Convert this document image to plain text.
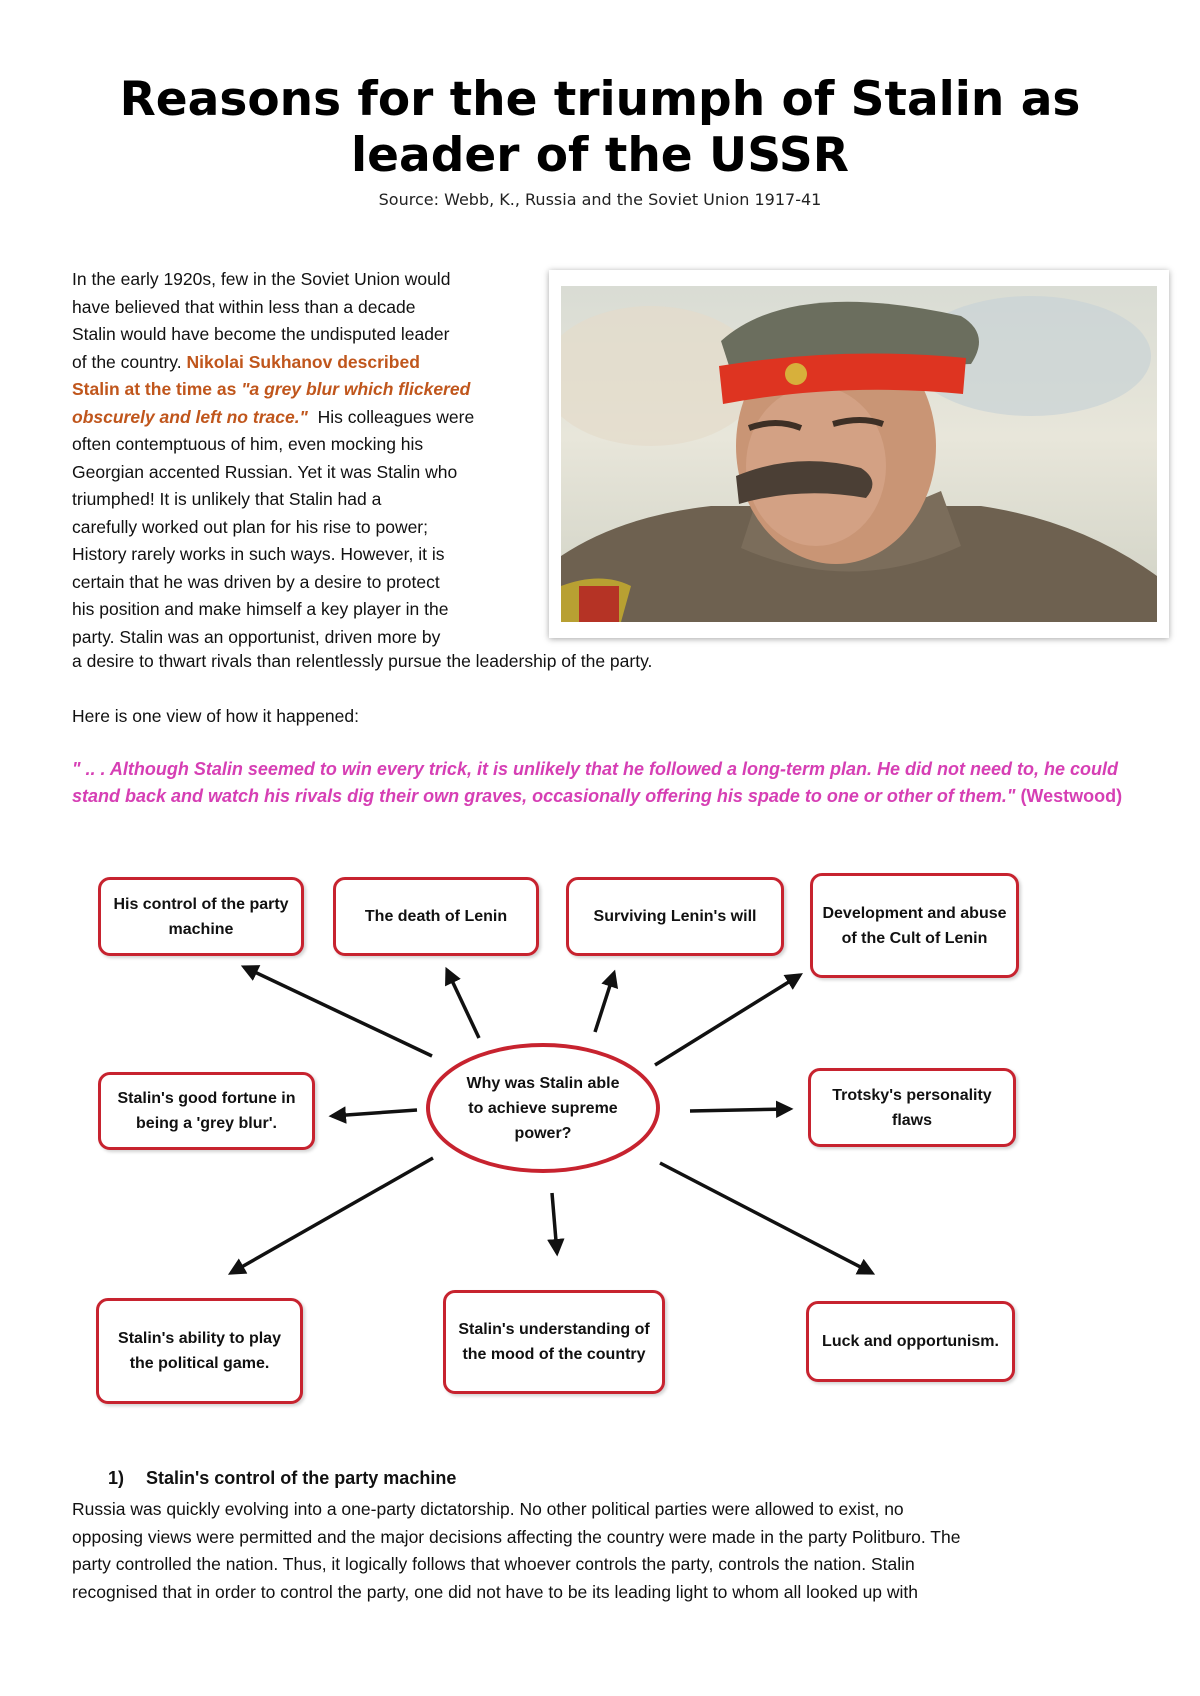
Reasons for the triumph of Stalin as leader of the USSR
Source: Webb, K., Russia and the Soviet Union 1917-41
In the early 1920s, few in the Soviet Union would
have believed that within less than a decade
Stalin would have become the undisputed leader
of the country. Nikolai Sukhanov described
Stalin at the time as "a grey blur which flickered
obscurely and left no trace." His colleagues were
often contemptuous of him, even mocking his
Georgian accented Russian. Yet it was Stalin who
triumphed! It is unlikely that Stalin had a
carefully worked out plan for his rise to power;
History rarely works in such ways. However, it is
certain that he was driven by a desire to protect
his position and make himself a key player in the
party. Stalin was an opportunist, driven more by
a desire to thwart rivals than relentlessly pursue the leadership of the party.
Here is one view of how it happened:
" .. . Although Stalin seemed to win every trick, it is unlikely that he followed a long-term plan. He did not need to, he could stand back and watch his rivals dig their own graves, occasionally offering his spade to one or other of them." (Westwood)
His control of the party machine
The death of Lenin	Surviving Lenin's will	Development and abuse of the Cult of Lenin
Stalin's good fortune in being a 'grey blur'.
Trotsky's personality flaws
Stalin's ability to play the political game.
Stalin's understanding of the mood of the country
Luck and opportunism.
Why was Stalin able to achieve supreme power?
1) Stalin's control of the party machine
Russia was quickly evolving into a one-party dictatorship. No other political parties were allowed to exist, no
opposing views were permitted and the major decisions affecting the country were made in the party Politburo. The
party controlled the nation. Thus, it logically follows that whoever controls the party, controls the nation. Stalin
recognised that in order to control the party, one did not have to be its leading light to whom all looked up with
